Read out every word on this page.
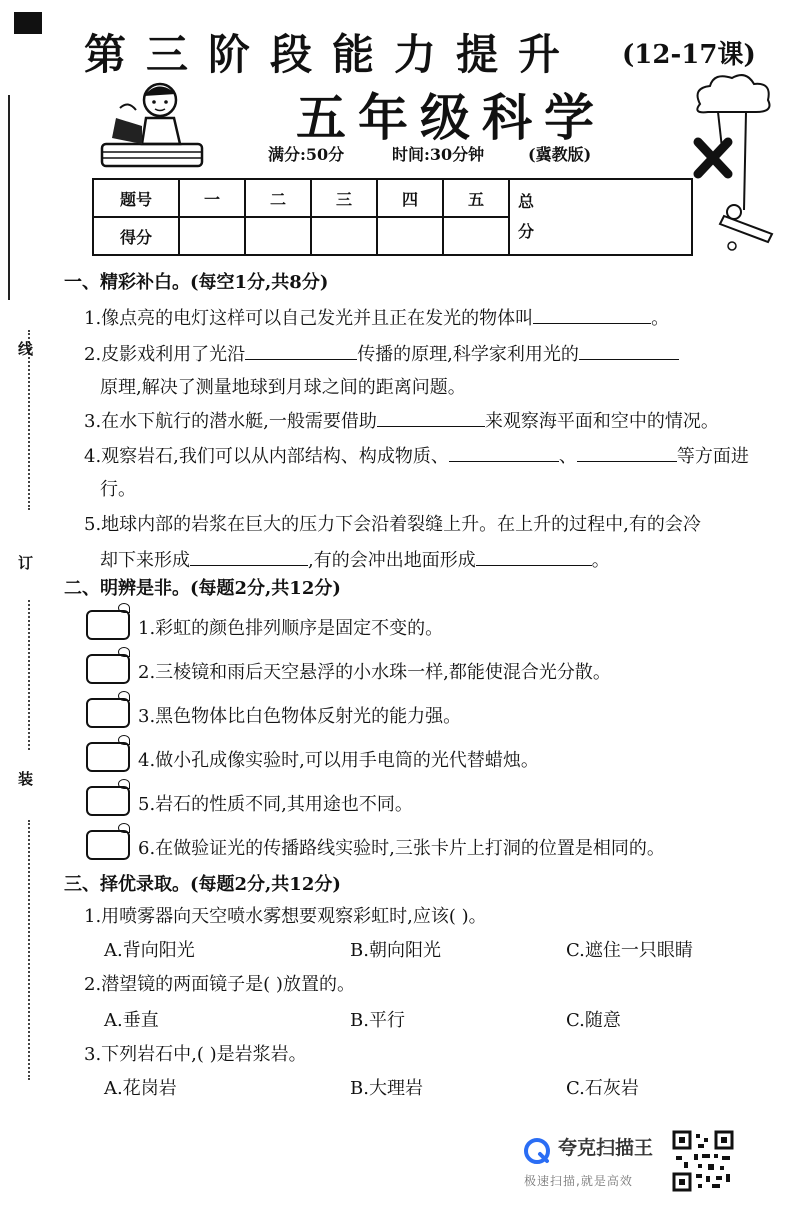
线
订
装
第三阶段能力提升 (12-17课)
五年级科学
满分:50分	时间:30分钟	(冀教版)
题号	一	二	三	四	五	总
分
得分						
一、精彩补白。(每空1分,共8分)
1.像点亮的电灯这样可以自己发光并且正在发光的物体叫	。
2.皮影戏利用了光沿	传播的原理,科学家利用光的
原理,解决了测量地球到月球之间的距离问题。
3.在水下航行的潜水艇,一般需要借助	来观察海平面和空中的情况。
4.观察岩石,我们可以从内部结构、构成物质、	、	等方面进
行。
5.地球内部的岩浆在巨大的压力下会沿着裂缝上升。在上升的过程中,有的会冷
却下来形成	,有的会冲出地面形成	。
二、明辨是非。(每题2分,共12分)
1.彩虹的颜色排列顺序是固定不变的。
2.三棱镜和雨后天空悬浮的小水珠一样,都能使混合光分散。
3.黑色物体比白色物体反射光的能力强。
4.做小孔成像实验时,可以用手电筒的光代替蜡烛。
5.岩石的性质不同,其用途也不同。
6.在做验证光的传播路线实验时,三张卡片上打洞的位置是相同的。
三、择优录取。(每题2分,共12分)
1.用喷雾器向天空喷水雾想要观察彩虹时,应该( )。
A.背向阳光	B.朝向阳光	C.遮住一只眼睛
2.潜望镜的两面镜子是( )放置的。
A.垂直	B.平行	C.随意
3.下列岩石中,( )是岩浆岩。
A.花岗岩	B.大理岩	C.石灰岩
夸克扫描王
极速扫描,就是高效
